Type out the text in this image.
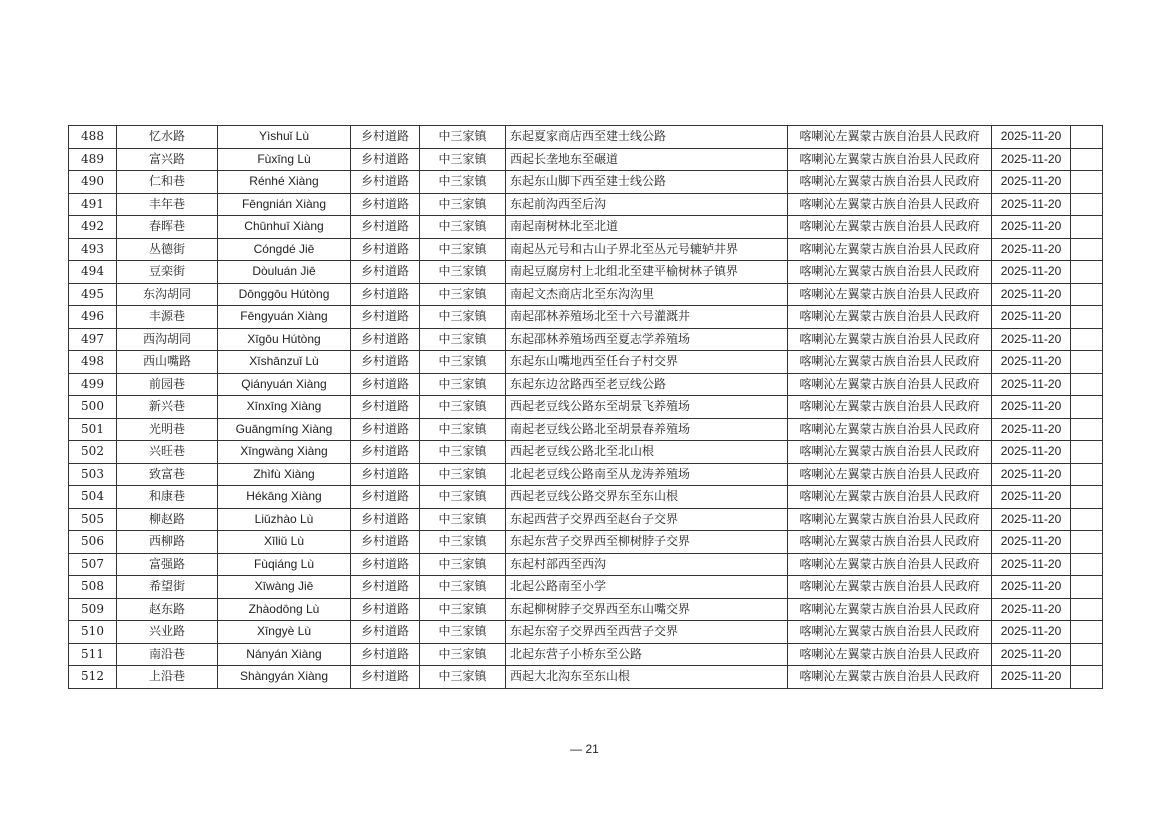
488	忆水路	Yìshuǐ Lù	乡村道路	中三家镇	东起夏家商店西至建士线公路	喀喇沁左翼蒙古族自治县人民政府	2025-11-20	
489	富兴路	Fùxīng Lù	乡村道路	中三家镇	西起长垄地东至碾道	喀喇沁左翼蒙古族自治县人民政府	2025-11-20	
490	仁和巷	Rénhé Xiàng	乡村道路	中三家镇	东起东山脚下西至建士线公路	喀喇沁左翼蒙古族自治县人民政府	2025-11-20	
491	丰年巷	Fēngnián Xiàng	乡村道路	中三家镇	东起前沟西至后沟	喀喇沁左翼蒙古族自治县人民政府	2025-11-20	
492	春晖巷	Chūnhuī Xiàng	乡村道路	中三家镇	南起南树林北至北道	喀喇沁左翼蒙古族自治县人民政府	2025-11-20	
493	丛德街	Cóngdé Jiē	乡村道路	中三家镇	南起丛元号和古山子界北至丛元号辘轳井界	喀喇沁左翼蒙古族自治县人民政府	2025-11-20	
494	豆栾街	Dòuluán Jiē	乡村道路	中三家镇	南起豆腐房村上北组北至建平榆树林子镇界	喀喇沁左翼蒙古族自治县人民政府	2025-11-20	
495	东沟胡同	Dōnggōu Hútòng	乡村道路	中三家镇	南起文杰商店北至东沟沟里	喀喇沁左翼蒙古族自治县人民政府	2025-11-20	
496	丰源巷	Fēngyuán Xiàng	乡村道路	中三家镇	南起邵林养殖场北至十六号灌溉井	喀喇沁左翼蒙古族自治县人民政府	2025-11-20	
497	西沟胡同	Xīgōu Hútòng	乡村道路	中三家镇	东起邵林养殖场西至夏志学养殖场	喀喇沁左翼蒙古族自治县人民政府	2025-11-20	
498	西山嘴路	Xīshānzuǐ Lù	乡村道路	中三家镇	东起东山嘴地西至任台子村交界	喀喇沁左翼蒙古族自治县人民政府	2025-11-20	
499	前园巷	Qiányuán Xiàng	乡村道路	中三家镇	东起东边岔路西至老豆线公路	喀喇沁左翼蒙古族自治县人民政府	2025-11-20	
500	新兴巷	Xīnxīng Xiàng	乡村道路	中三家镇	西起老豆线公路东至胡景飞养殖场	喀喇沁左翼蒙古族自治县人民政府	2025-11-20	
501	光明巷	Guāngmíng Xiàng	乡村道路	中三家镇	南起老豆线公路北至胡景春养殖场	喀喇沁左翼蒙古族自治县人民政府	2025-11-20	
502	兴旺巷	Xīngwàng Xiàng	乡村道路	中三家镇	西起老豆线公路北至北山根	喀喇沁左翼蒙古族自治县人民政府	2025-11-20	
503	致富巷	Zhìfù Xiàng	乡村道路	中三家镇	北起老豆线公路南至从龙涛养殖场	喀喇沁左翼蒙古族自治县人民政府	2025-11-20	
504	和康巷	Hékāng Xiàng	乡村道路	中三家镇	西起老豆线公路交界东至东山根	喀喇沁左翼蒙古族自治县人民政府	2025-11-20	
505	柳赵路	Liǔzhào Lù	乡村道路	中三家镇	东起西营子交界西至赵台子交界	喀喇沁左翼蒙古族自治县人民政府	2025-11-20	
506	西柳路	Xīliǔ Lù	乡村道路	中三家镇	东起东营子交界西至柳树脖子交界	喀喇沁左翼蒙古族自治县人民政府	2025-11-20	
507	富强路	Fùqiáng Lù	乡村道路	中三家镇	东起村部西至西沟	喀喇沁左翼蒙古族自治县人民政府	2025-11-20	
508	希望街	Xīwàng Jiē	乡村道路	中三家镇	北起公路南至小学	喀喇沁左翼蒙古族自治县人民政府	2025-11-20	
509	赵东路	Zhàodōng Lù	乡村道路	中三家镇	东起柳树脖子交界西至东山嘴交界	喀喇沁左翼蒙古族自治县人民政府	2025-11-20	
510	兴业路	Xīngyè Lù	乡村道路	中三家镇	东起东窑子交界西至西营子交界	喀喇沁左翼蒙古族自治县人民政府	2025-11-20	
511	南沿巷	Nányán Xiàng	乡村道路	中三家镇	北起东营子小桥东至公路	喀喇沁左翼蒙古族自治县人民政府	2025-11-20	
512	上沿巷	Shàngyán Xiàng	乡村道路	中三家镇	西起大北沟东至东山根	喀喇沁左翼蒙古族自治县人民政府	2025-11-20	
— 21
